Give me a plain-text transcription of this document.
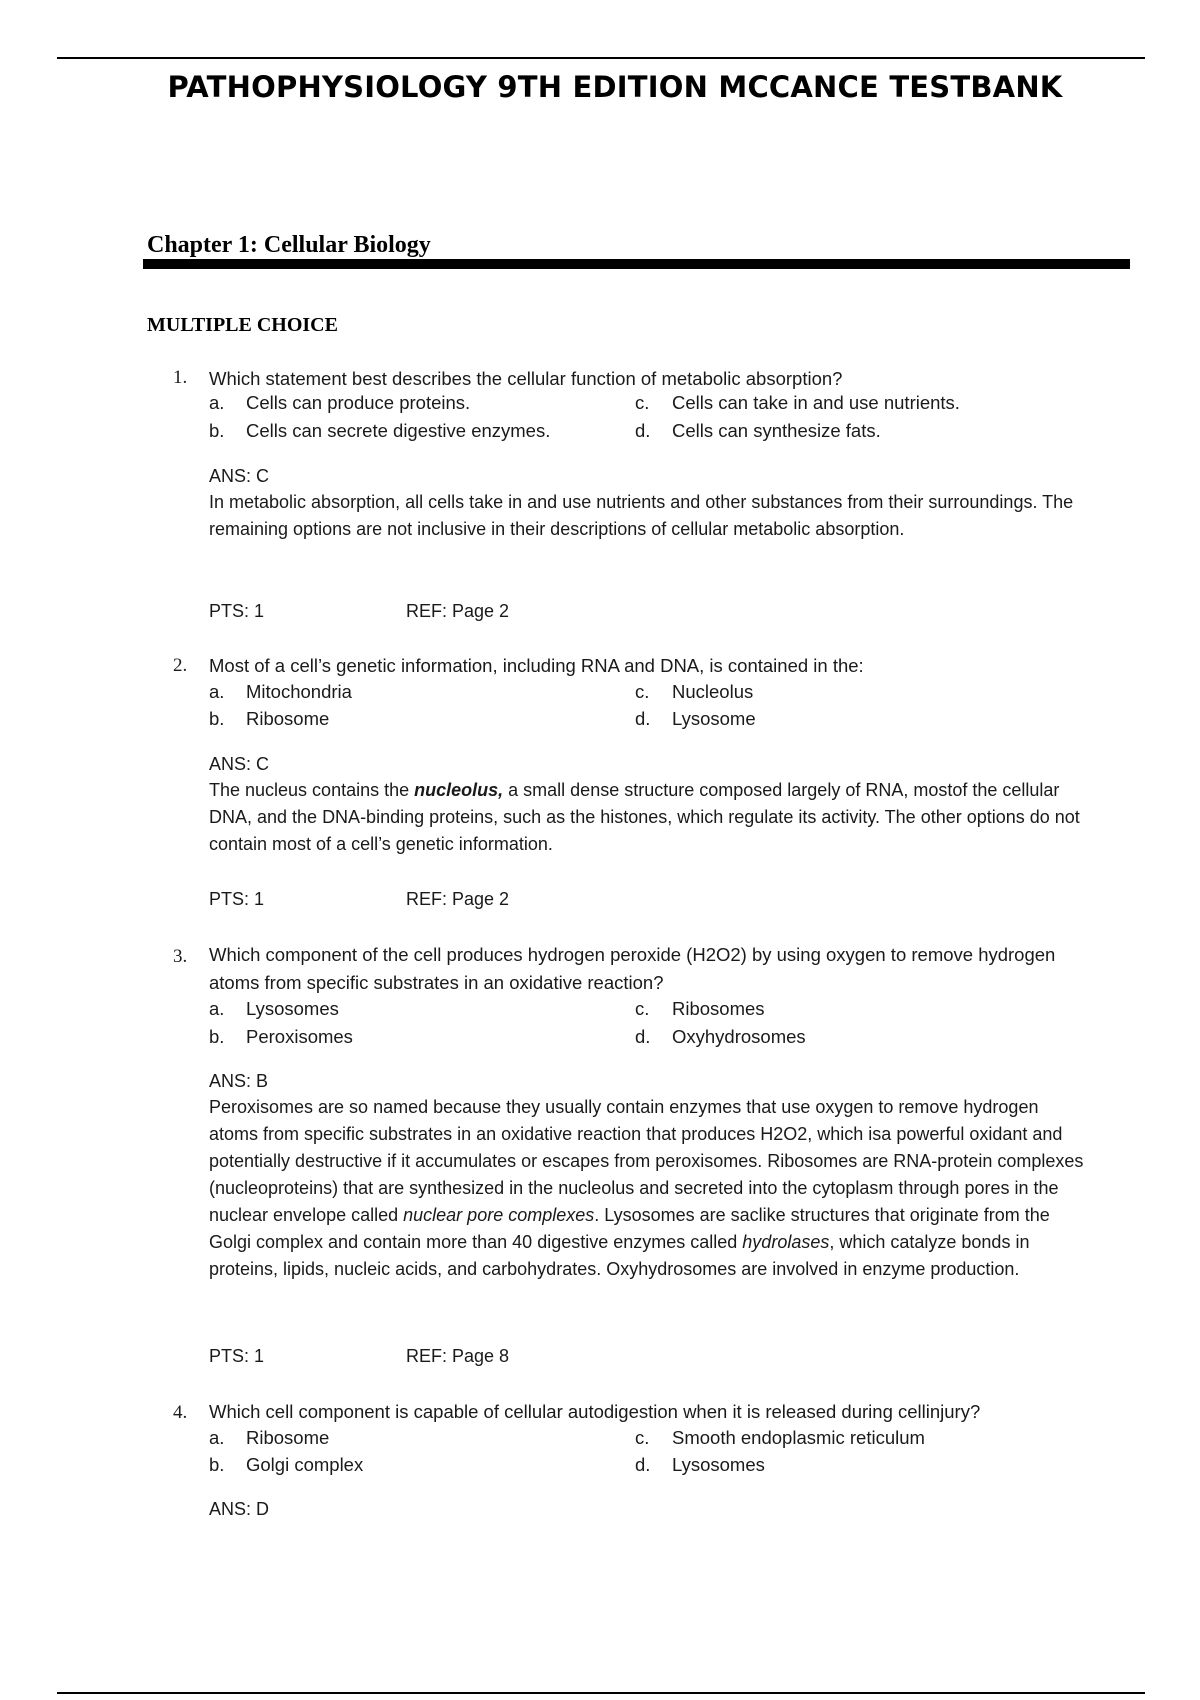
PATHOPHYSIOLOGY 9TH EDITION MCCANCE TESTBANK
Chapter 1: Cellular Biology
MULTIPLE CHOICE
1. Which statement best describes the cellular function of metabolic absorption?
a. Cells can produce proteins.	c. Cells can take in and use nutrients.
b. Cells can secrete digestive enzymes.	d. Cells can synthesize fats.
ANS: C
In metabolic absorption, all cells take in and use nutrients and other substances from their surroundings. The remaining options are not inclusive in their descriptions of cellular metabolic absorption.
PTS: 1	REF: Page 2
2. Most of a cell’s genetic information, including RNA and DNA, is contained in the:
a. Mitochondria	c. Nucleolus
b. Ribosome	d. Lysosome
ANS: C
The nucleus contains the nucleolus, a small dense structure composed largely of RNA, mostof the cellular DNA, and the DNA-binding proteins, such as the histones, which regulate its activity. The other options do not contain most of a cell’s genetic information.
PTS: 1	REF: Page 2
3. Which component of the cell produces hydrogen peroxide (H2O2) by using oxygen to remove hydrogen atoms from specific substrates in an oxidative reaction?
a. Lysosomes	c. Ribosomes
b. Peroxisomes	d. Oxyhydrosomes
ANS: B
Peroxisomes are so named because they usually contain enzymes that use oxygen to remove hydrogen atoms from specific substrates in an oxidative reaction that produces H2O2, which isa powerful oxidant and potentially destructive if it accumulates or escapes from peroxisomes. Ribosomes are RNA-protein complexes (nucleoproteins) that are synthesized in the nucleolus and secreted into the cytoplasm through pores in the nuclear envelope called nuclear pore complexes. Lysosomes are saclike structures that originate from the Golgi complex and contain more than 40 digestive enzymes called hydrolases, which catalyze bonds in proteins, lipids, nucleic acids, and carbohydrates. Oxyhydrosomes are involved in enzyme production.
PTS: 1	REF: Page 8
4. Which cell component is capable of cellular autodigestion when it is released during cellinjury?
a. Ribosome	c. Smooth endoplasmic reticulum
b. Golgi complex	d. Lysosomes
ANS: D
